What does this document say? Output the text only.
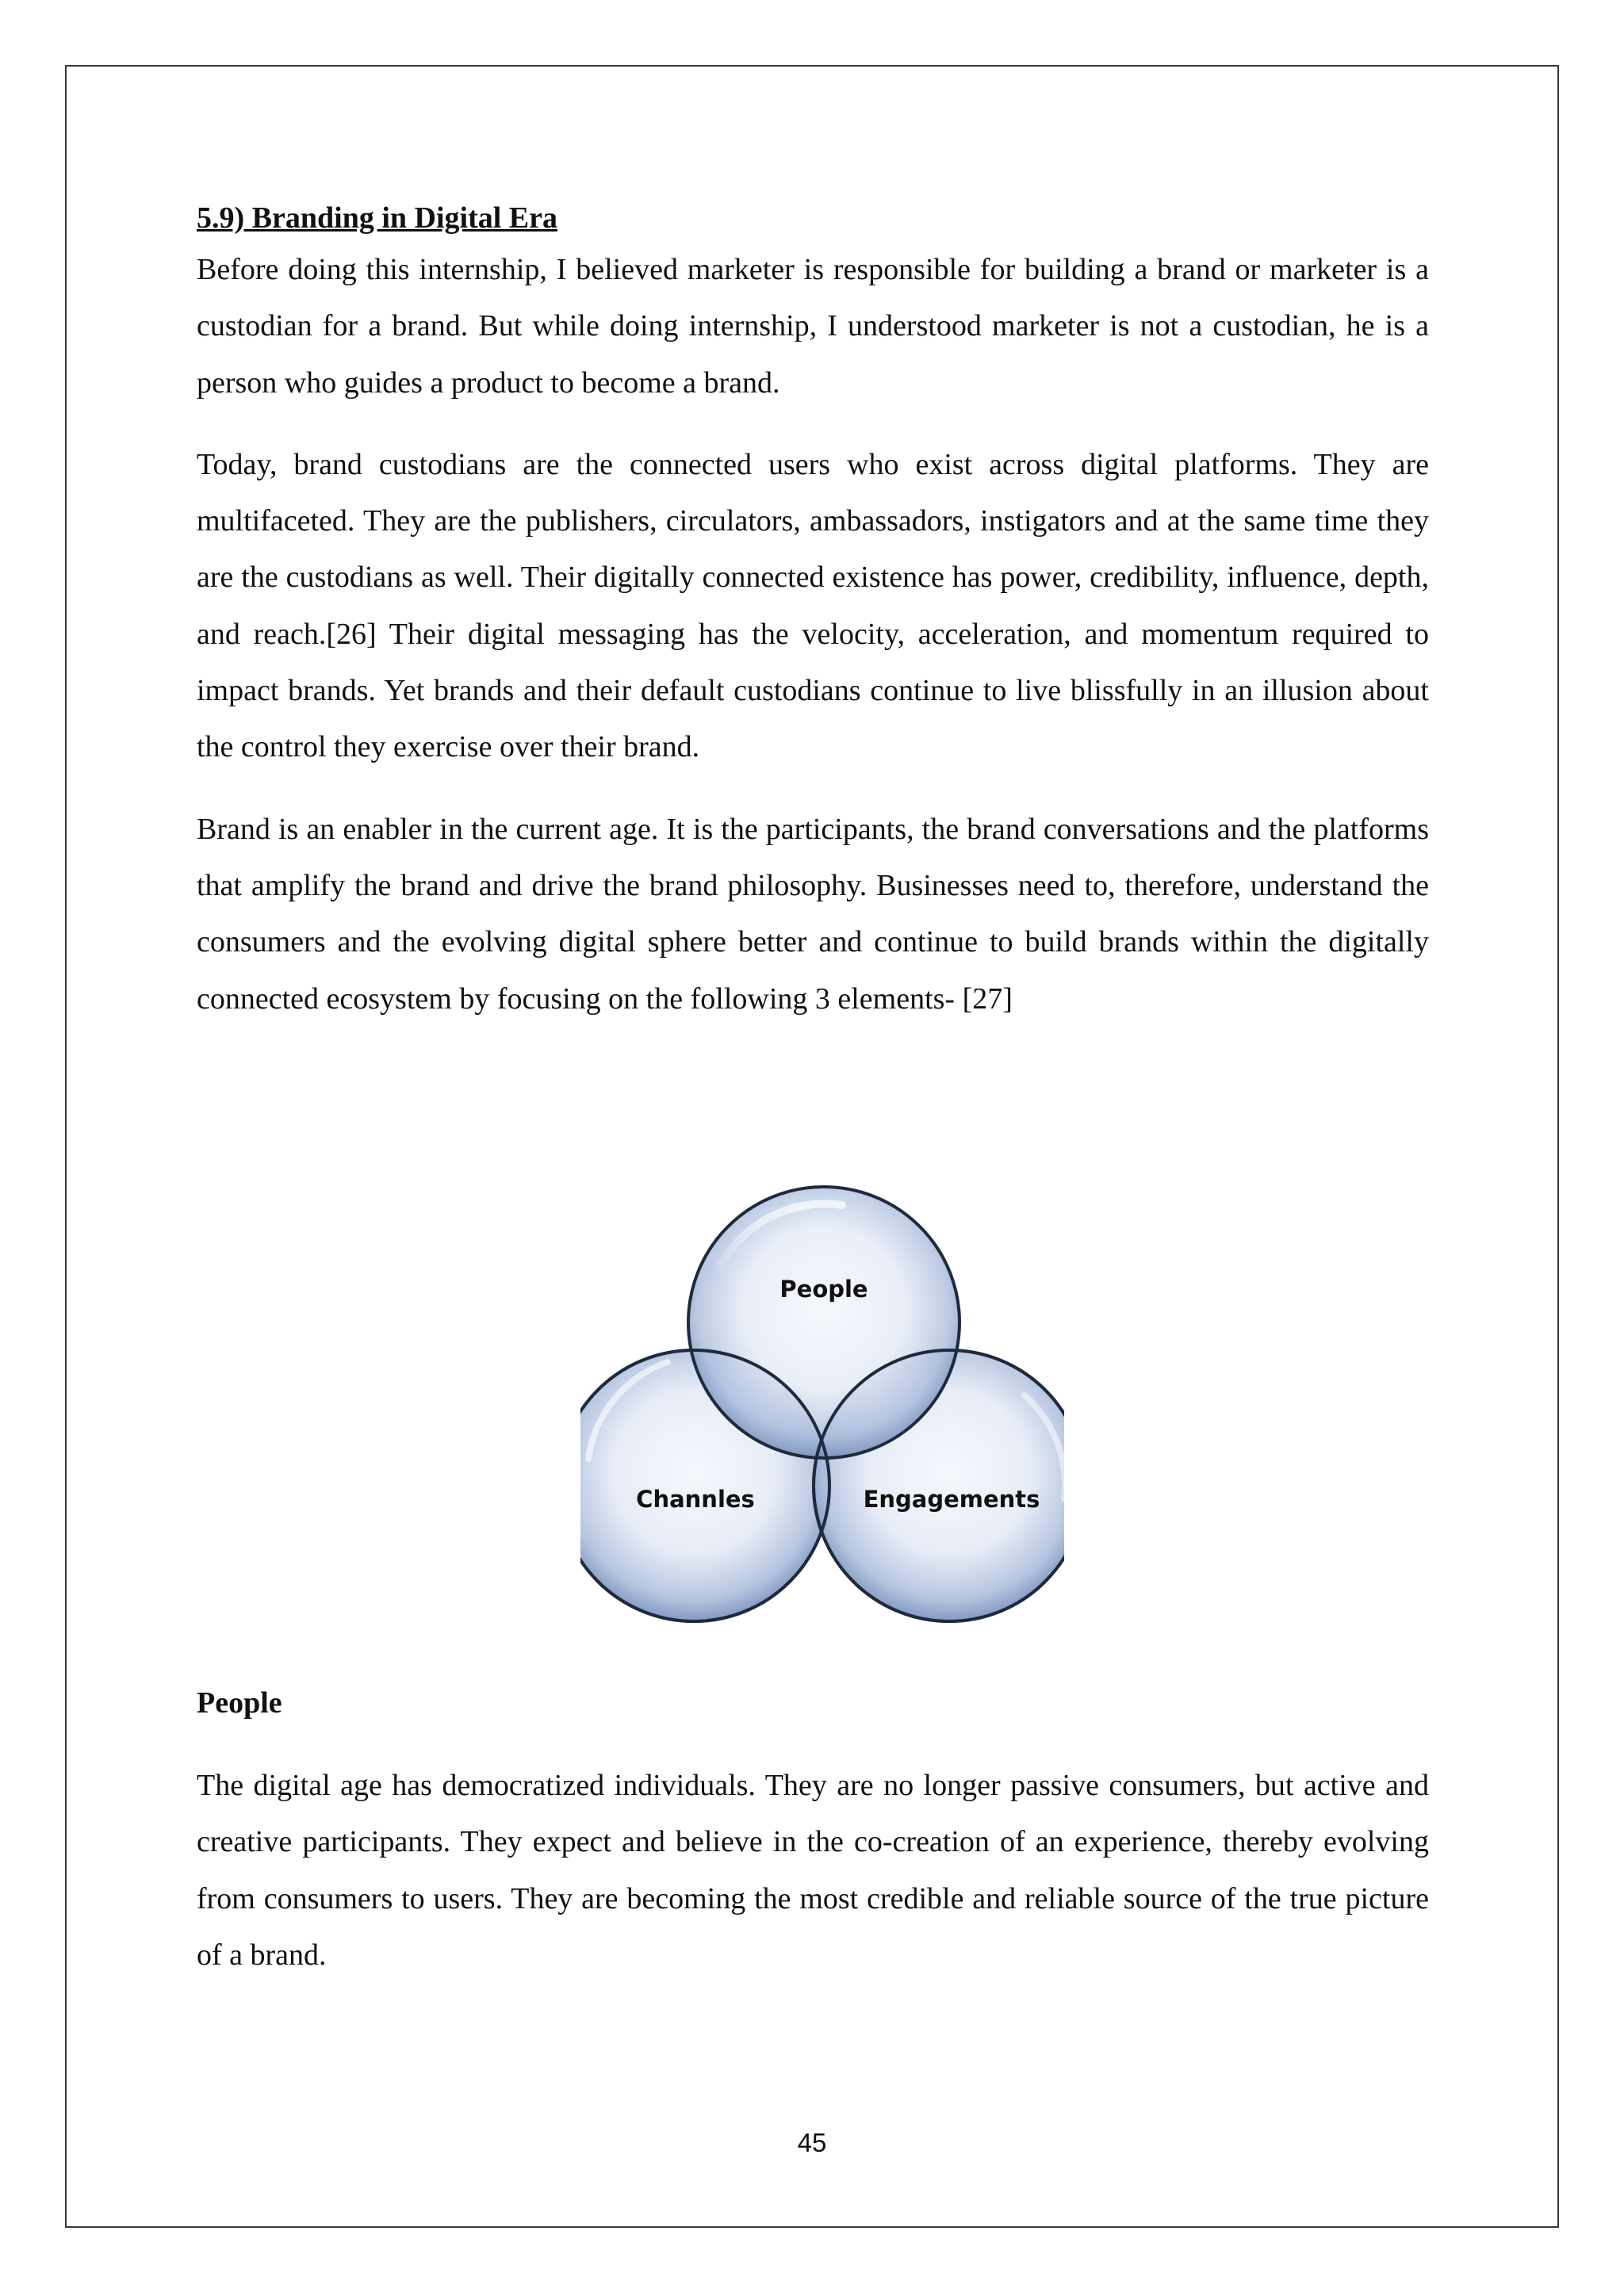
5.9) Branding in Digital Era

Before doing this internship, I believed marketer is responsible for building a brand or marketer is a custodian for a brand. But while doing internship, I understood marketer is not a custodian, he is a person who guides a product to become a brand.

Today, brand custodians are the connected users who exist across digital platforms. They are multifaceted. They are the publishers, circulators, ambassadors, instigators and at the same time they are the custodians as well. Their digitally connected existence has power, credibility, influence, depth, and reach.[26] Their digital messaging has the velocity, acceleration, and momentum required to impact brands. Yet brands and their default custodians continue to live blissfully in an illusion about the control they exercise over their brand.

Brand is an enabler in the current age. It is the participants, the brand conversations and the platforms that amplify the brand and drive the brand philosophy. Businesses need to, therefore, understand the consumers and the evolving digital sphere better and continue to build brands within the digitally connected ecosystem by focusing on the following 3 elements- [27]

People
Channles	Engagements
People

The digital age has democratized individuals. They are no longer passive consumers, but active and creative participants. They expect and believe in the co-creation of an experience, thereby evolving from consumers to users. They are becoming the most credible and reliable source of the true picture of a brand.

45
